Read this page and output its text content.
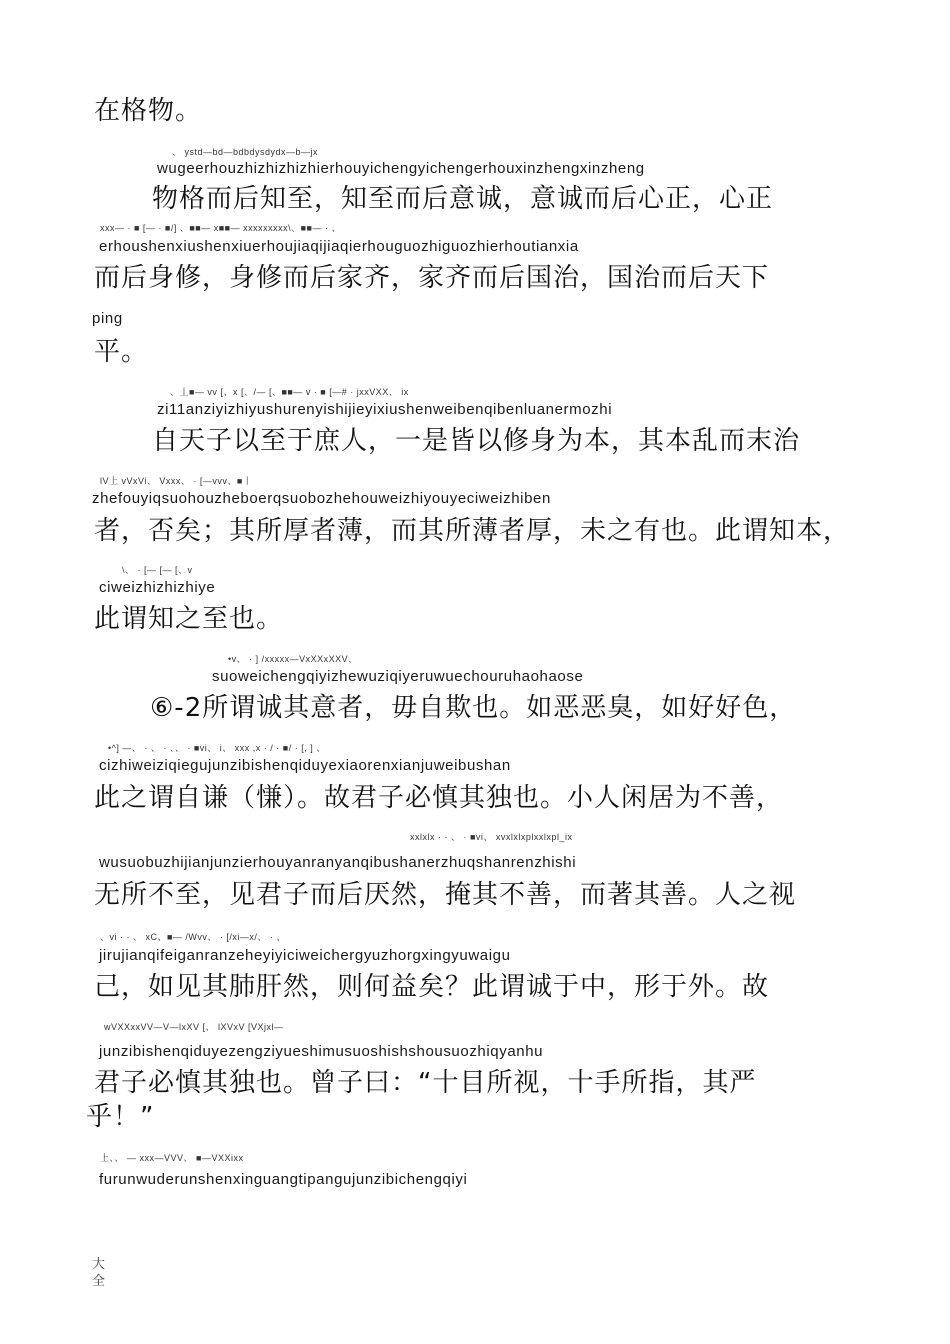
在格物。
、 ystd—bd—bdbdysdydx—b—jx
wugeerhouzhizhizhizhierhouyichengyichengerhouxinzhengxinzheng
物格而后知至，知至而后意诚，意诚而后心正，心正
xxx— · ■ [— · ■/] 、■■— x■■— xxxxxxxxx\、■■— · 、
erhoushenxiushenxiuerhoujiaqijiaqierhouguozhiguozhierhoutianxia
而后身修，身修而后家齐，家齐而后国治，国治而后天下
ping
平。
、丄■— vv [、x [、/— [、■■— v · ■ [—# · jxxVXX、 ix
zi11anziyizhiyushurenyishijieyixiushenweibenqibenluanermozhi
自天子以至于庶人，一是皆以修身为本，其本乱而末治
lV上 vVxVi、 Vxxx、 · [—vvv、■丨
zhefouyiqsuohouzheboerqsuobozhehouweizhiyouyeciweizhiben
者，否矣；其所厚者薄，而其所薄者厚，未之有也。此谓知本，
\、 · [— [— [、v
ciweizhizhizhiye
此谓知之至也。
•v、 · ] /xxxxx—VxXXxXXV、
suoweichengqiyizhewuziqiyeruwuechouruhaohaose
⑥-2所谓诚其意者，毋自欺也。如恶恶臭，如好好色，
•^] —、 · 、 · 、、 · ■vi、 i、 xxx ,x · / · ■/ · [, ] 、
cizhiweiziqiegujunzibishenqiduyexiaorenxianjuweibushan
此之谓自谦（慊）。故君子必慎其独也。小人闲居为不善，
xxlxlx · · 、 · ■vi、 xvxlxlxplxxlxpl_ix
wusuobuzhijianjunzierhouyanranyanqibushanerzhuqshanrenzhishi
无所不至，见君子而后厌然，掩其不善，而著其善。人之视
、vi · · 、 xC、■— /Wvv、 · [/xi—x/、 · 、
jirujianqifeiganranzeheyiyiciweichergyuzhorgxingyuwaigu
己，如见其肺肝然，则何益矣？此谓诚于中，形于外。故
wVXXxxVV—V—lxXV [、 lXVxV [VXjxl—
junzibishenqiduyezengziyueshimusuoshishshousuozhiqyanhu
君子必慎其独也。曾子曰：“十目所视，十手所指，其严
乎！”
上、、 — xxx—VVV、 ■—VXXixx
furunwuderunshenxinguangtipangujunzibichengqiyi
大
全
